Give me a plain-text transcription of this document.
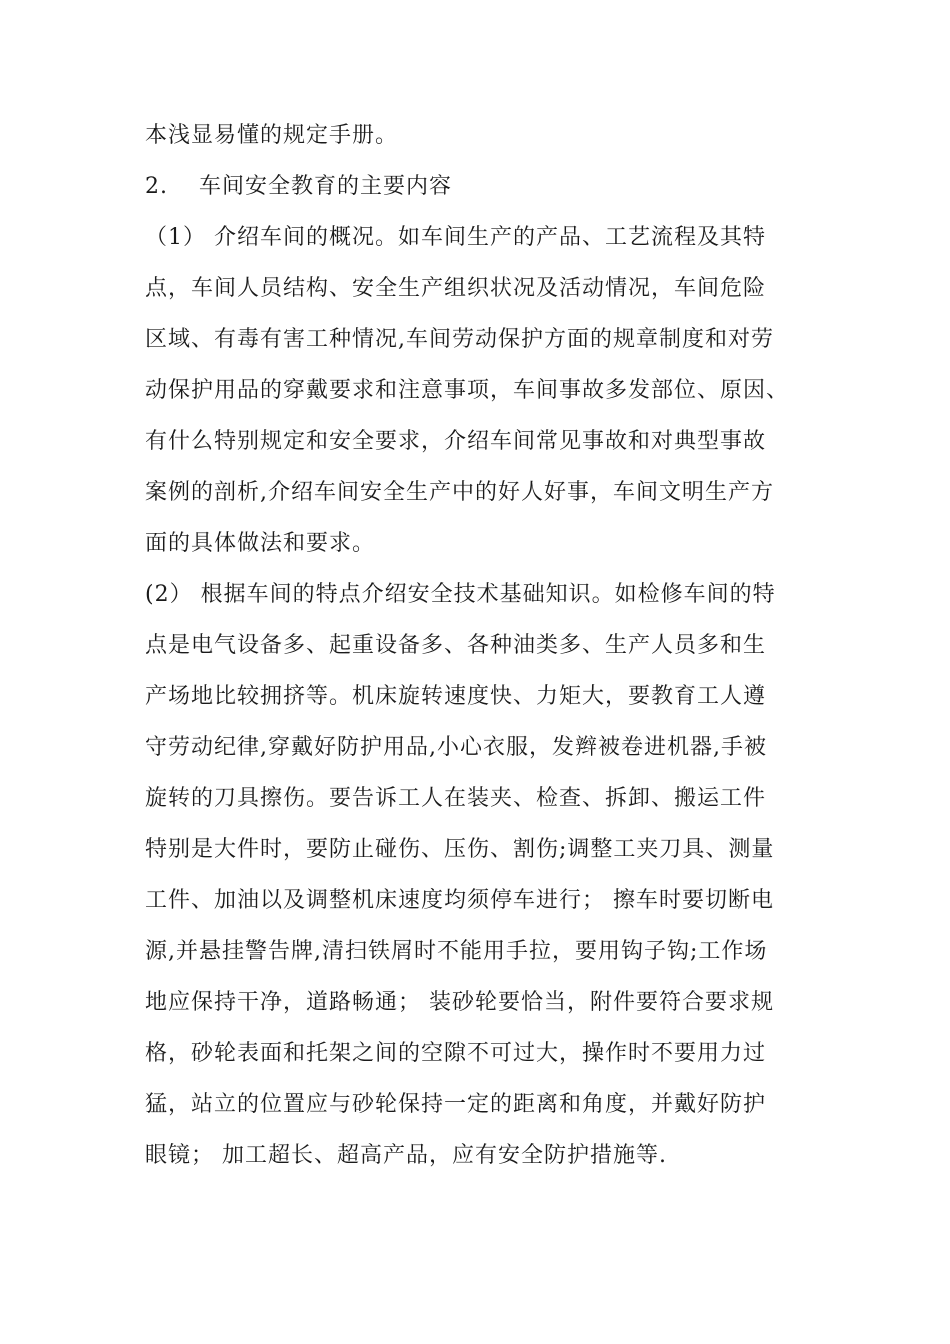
本浅显易懂的规定手册。
2.　 车间安全教育的主要内容
（1） 介绍车间的概况。如车间生产的产品、工艺流程及其特
点，车间人员结构、安全生产组织状况及活动情况，车间危险
区域、有毒有害工种情况,车间劳动保护方面的规章制度和对劳
动保护用品的穿戴要求和注意事项，车间事故多发部位、原因、
有什么特别规定和安全要求，介绍车间常见事故和对典型事故
案例的剖析,介绍车间安全生产中的好人好事，车间文明生产方
面的具体做法和要求。
(2） 根据车间的特点介绍安全技术基础知识。如检修车间的特
点是电气设备多、起重设备多、各种油类多、生产人员多和生
产场地比较拥挤等。机床旋转速度快、力矩大，要教育工人遵
守劳动纪律,穿戴好防护用品,小心衣服，发辫被卷进机器,手被
旋转的刀具擦伤。要告诉工人在装夹、检查、拆卸、搬运工件
特别是大件时，要防止碰伤、压伤、割伤;调整工夹刀具、测量
工件、加油以及调整机床速度均须停车进行； 擦车时要切断电
源,并悬挂警告牌,清扫铁屑时不能用手拉，要用钩子钩;工作场
地应保持干净，道路畅通； 装砂轮要恰当，附件要符合要求规
格，砂轮表面和托架之间的空隙不可过大，操作时不要用力过
猛，站立的位置应与砂轮保持一定的距离和角度，并戴好防护
眼镜； 加工超长、超高产品，应有安全防护措施等.
